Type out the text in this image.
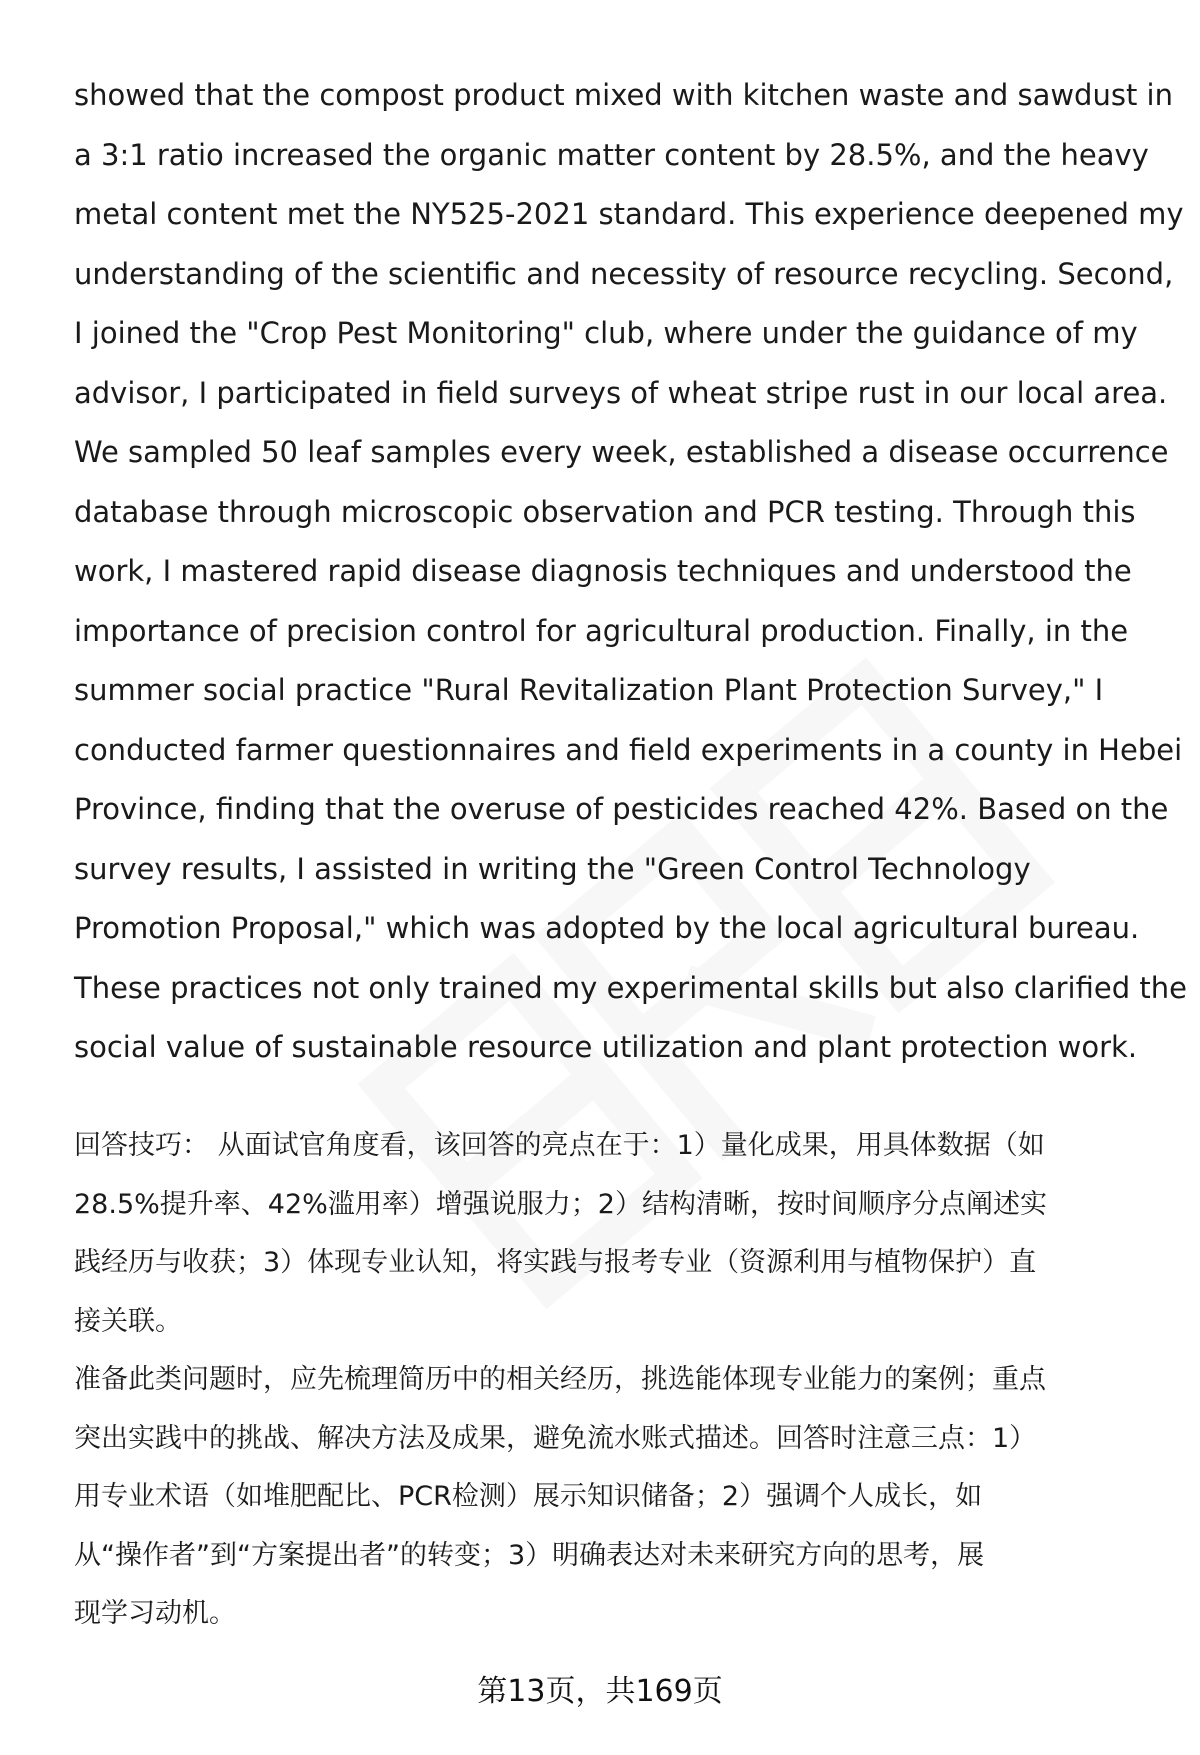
showed that the compost product mixed with kitchen waste and sawdust in
a 3:1 ratio increased the organic matter content by 28.5%, and the heavy
metal content met the NY525-2021 standard. This experience deepened my
understanding of the scientific and necessity of resource recycling. Second,
I joined the "Crop Pest Monitoring" club, where under the guidance of my
advisor, I participated in field surveys of wheat stripe rust in our local area.
We sampled 50 leaf samples every week, established a disease occurrence
database through microscopic observation and PCR testing. Through this
work, I mastered rapid disease diagnosis techniques and understood the
importance of precision control for agricultural production. Finally, in the
summer social practice "Rural Revitalization Plant Protection Survey," I
conducted farmer questionnaires and field experiments in a county in Hebei
Province, finding that the overuse of pesticides reached 42%. Based on the
survey results, I assisted in writing the "Green Control Technology
Promotion Proposal," which was adopted by the local agricultural bureau.
These practices not only trained my experimental skills but also clarified the
social value of sustainable resource utilization and plant protection work.
回答技巧： 从面试官角度看，该回答的亮点在于：1）量化成果，用具体数据（如
28.5%提升率、42%滥用率）增强说服力；2）结构清晰，按时间顺序分点阐述实
践经历与收获；3）体现专业认知，将实践与报考专业（资源利用与植物保护）直
接关联。
准备此类问题时，应先梳理简历中的相关经历，挑选能体现专业能力的案例；重点
突出实践中的挑战、解决方法及成果，避免流水账式描述。回答时注意三点：1）
用专业术语（如堆肥配比、PCR检测）展示知识储备；2）强调个人成长，如
从“操作者”到“方案提出者”的转变；3）明确表达对未来研究方向的思考，展
现学习动机。
第13页，共169页
